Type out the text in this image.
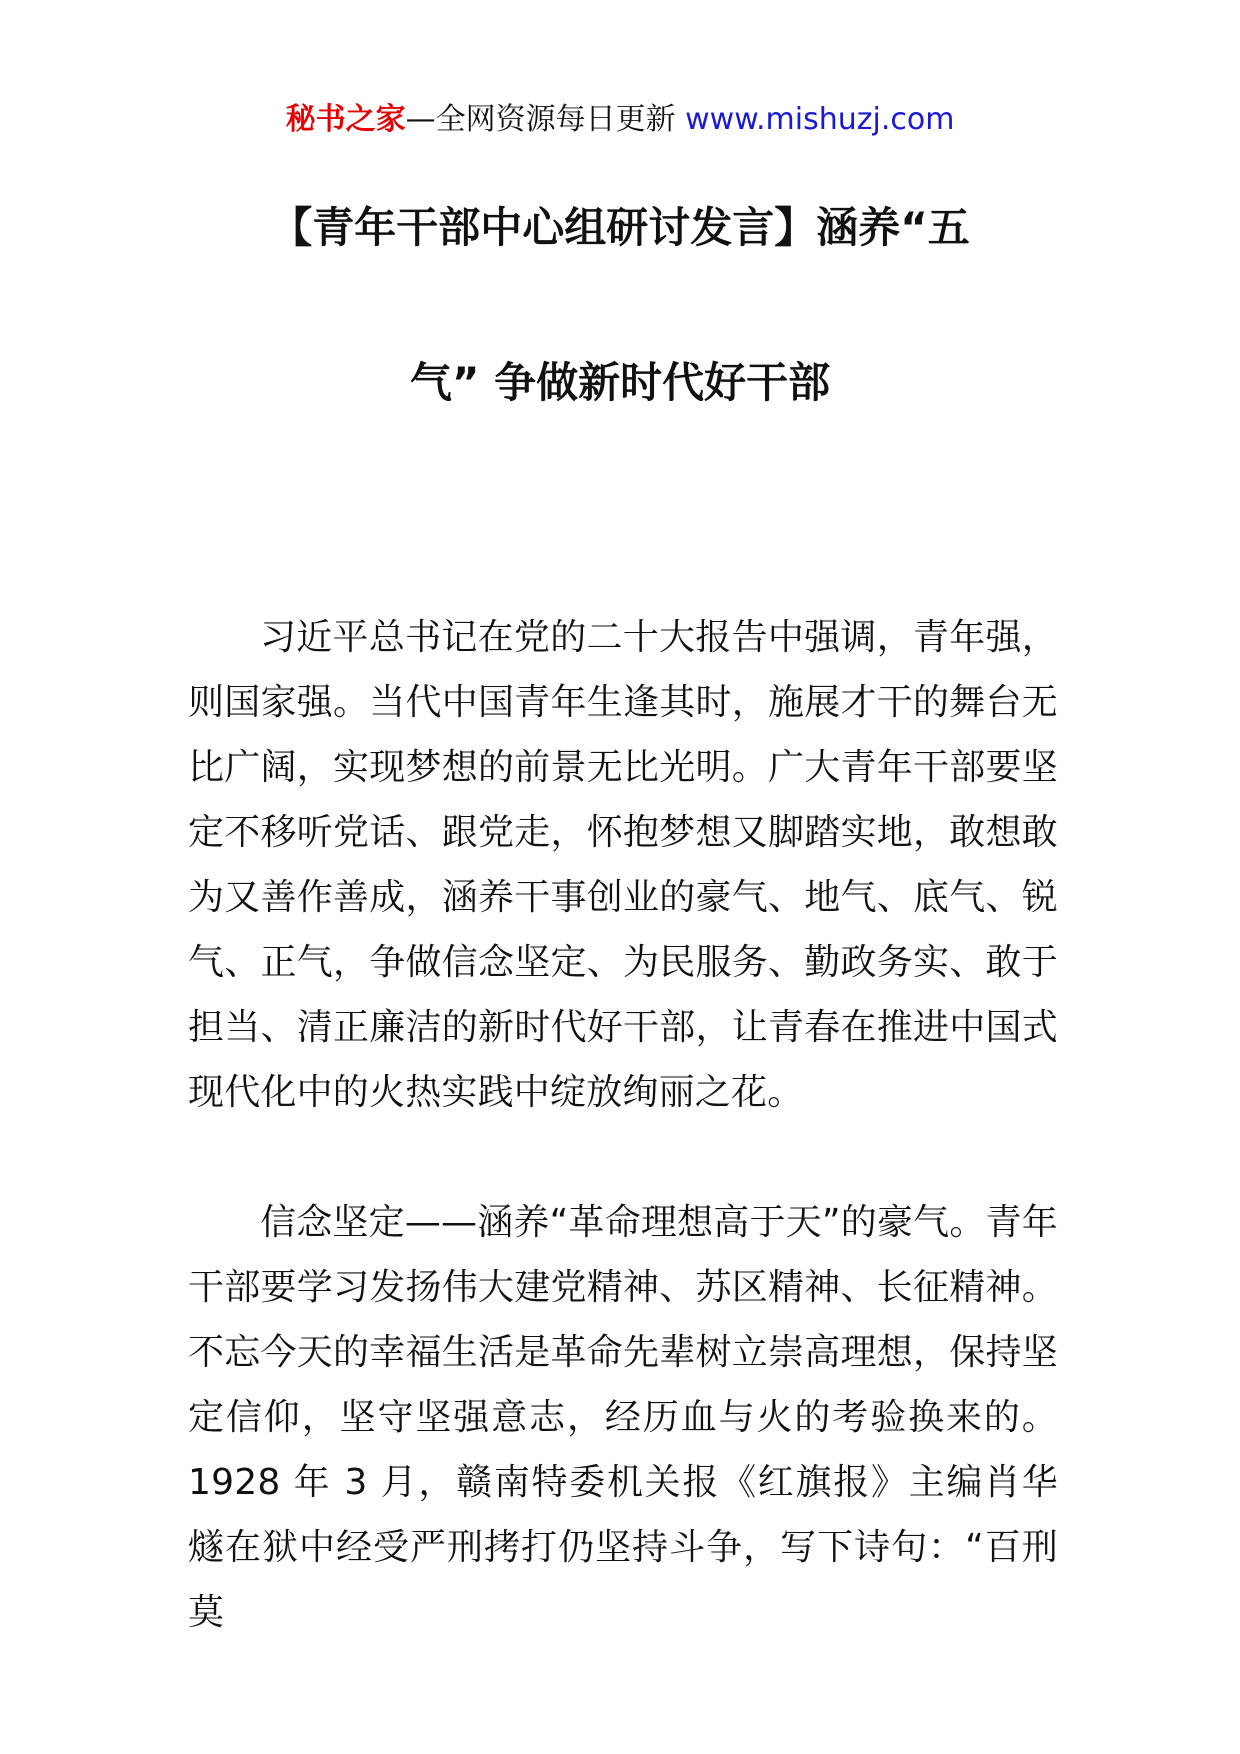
秘书之家—全网资源每日更新 www.mishuzj.com
【青年干部中心组研讨发言】涵养“五
气” 争做新时代好干部

习近平总书记在党的二十大报告中强调，青年强，则国家强。当代中国青年生逢其时，施展才干的舞台无比广阔，实现梦想的前景无比光明。广大青年干部要坚定不移听党话、跟党走，怀抱梦想又脚踏实地，敢想敢为又善作善成，涵养干事创业的豪气、地气、底气、锐气、正气，争做信念坚定、为民服务、勤政务实、敢于担当、清正廉洁的新时代好干部，让青春在推进中国式现代化中的火热实践中绽放绚丽之花。

信念坚定——涵养“革命理想高于天”的豪气。青年干部要学习发扬伟大建党精神、苏区精神、长征精神。不忘今天的幸福生活是革命先辈树立崇高理想，保持坚定信仰，坚守坚强意志，经历血与火的考验换来的。1928 年 3 月，赣南特委机关报《红旗报》主编肖华燧在狱中经受严刑拷打仍坚持斗争，写下诗句：“百刑莫
